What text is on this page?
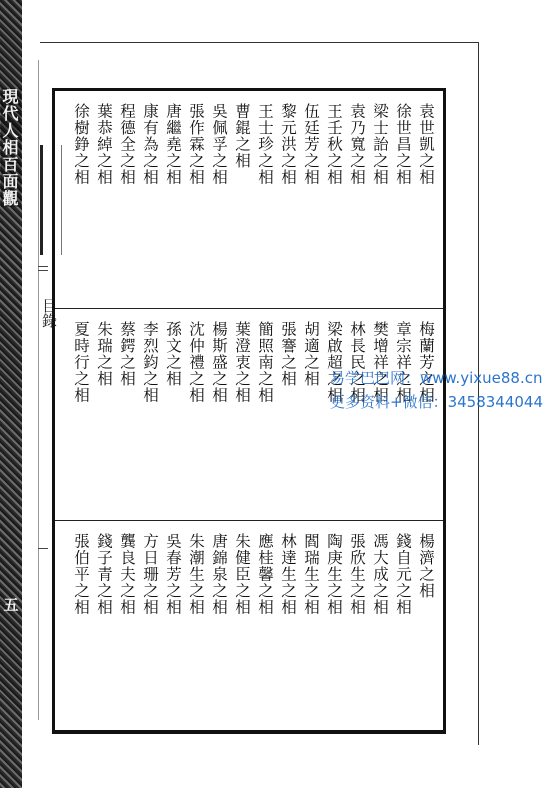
現代人相百面觀
五
目錄
袁世凱之相
徐世昌之相
梁士詒之相
袁乃寬之相
王壬秋之相
伍廷芳之相
黎元洪之相
王士珍之相
曹錕之相
吳佩孚之相
張作霖之相
唐繼堯之相
康有為之相
程德全之相
葉恭綽之相
徐樹錚之相
梅蘭芳之相
章宗祥之相
樊增祥之相
林長民之相
梁啟超之相
胡適之相
張謇之相
簡照南之相
葉澄衷之相
楊斯盛之相
沈仲禮之相
孫文之相
李烈鈞之相
蔡鍔之相
朱瑞之相
夏時行之相
楊濟之相
錢自元之相
馮大成之相
張欣生之相
陶庚生之相
閻瑞生之相
林達生之相
應桂馨之相
朱健臣之相
唐錦泉之相
朱潮生之相
吳春芳之相
方日珊之相
龔良夫之相
錢子青之相
張伯平之相
易学巴巴网：www.yixue88.cn
更多资料+微信：3458344044
